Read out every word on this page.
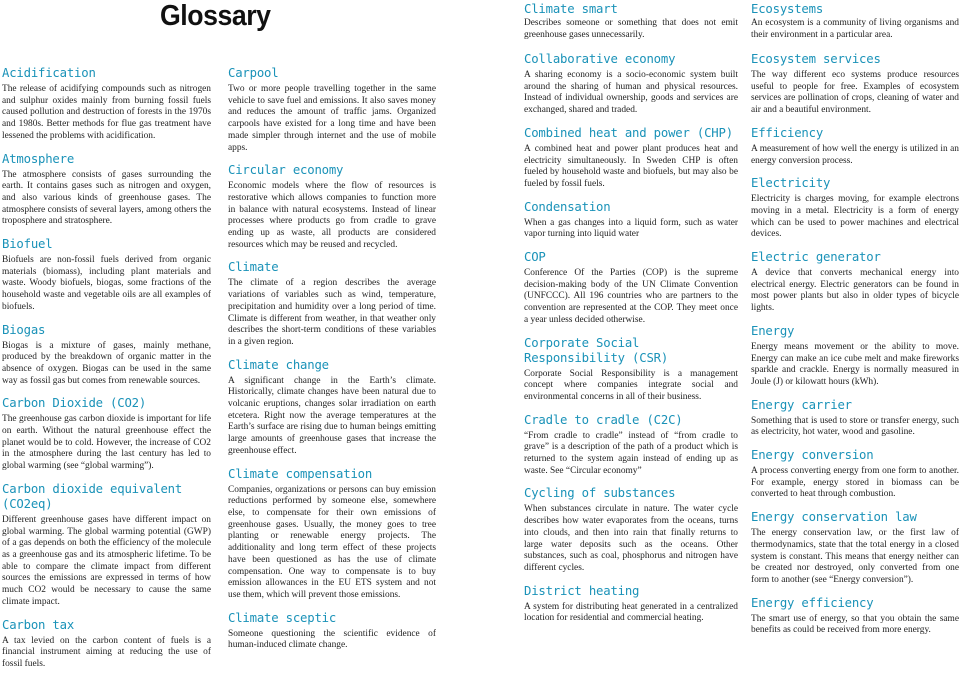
Glossary	Climate smart

Describes someone or something that does not emit greenhouse gases unnecessarily.

Ecosystems

An ecosystem is a community of living organisms and their environment in a particular area.

Acidification

The release of acidifying compounds such as nitrogen and sulphur oxides mainly from burning fossil fuels caused pollution and destruction of forests in the 1970s and 1980s. Better methods for flue gas treatment have lessened the problems with acidification.

Atmosphere

The atmosphere consists of gases surrounding the earth. It contains gases such as nitrogen and oxygen, and also various kinds of greenhouse gases. The atmosphere consists of several layers, among others the troposphere and stratosphere.

Biofuel

Biofuels are non-fossil fuels derived from organic materials (biomass), including plant materials and waste. Woody biofuels, biogas, some fractions of the household waste and vegetable oils are all examples of biofuels.

Biogas

Biogas is a mixture of gases, mainly methane, produced by the breakdown of organic matter in the absence of oxygen. Biogas can be used in the same way as fossil gas but comes from renewable sources.

Carbon Dioxide (CO2)

The greenhouse gas carbon dioxide is important for life on earth. Without the natural greenhouse effect the planet would be to cold. However, the increase of CO2 in the atmosphere during the last century has led to global warming (see “global warming”).

Carbon dioxide equivalent (CO2eq)

Different greenhouse gases have different impact on global warming. The global warming potential (GWP) of a gas depends on both the efficiency of the molecule as a greenhouse gas and its atmospheric lifetime. To be able to compare the climate impact from different sources the emissions are expressed in terms of how much CO2 would be necessary to cause the same climate impact.

Carbon tax

A tax levied on the carbon content of fuels is a financial instrument aiming at reducing the use of fossil fuels.

Carpool

Two or more people travelling together in the same vehicle to save fuel and emissions. It also saves money and reduces the amount of traffic jams. Organized carpools have existed for a long time and have been made simpler through internet and the use of mobile apps.

Circular economy

Economic models where the flow of resources is restorative which allows companies to function more in balance with natural ecosystems. Instead of linear processes where products go from cradle to grave ending up as waste, all products are considered resources which may be reused and recycled.

Climate

The climate of a region describes the average variations of variables such as wind, temperature, precipitation and humidity over a long period of time. Climate is different from weather, in that weather only describes the short-term conditions of these variables in a given region.

Climate change

A significant change in the Earth’s climate. Historically, climate changes have been natural due to volcanic eruptions, changes solar irradiation on earth etcetera. Right now the average temperatures at the Earth’s surface are rising due to human beings emitting large amounts of greenhouse gases that increase the greenhouse effect.

Climate compensation

Companies, organizations or persons can buy emission reductions performed by someone else, somewhere else, to compensate for their own emissions of greenhouse gases. Usually, the money goes to tree planting or renewable energy projects. The additionality and long term effect of these projects have been questioned as has the use of climate compensation. One way to compensate is to buy emission allowances in the EU ETS system and not use them, which will prevent those emissions.

Climate sceptic

Someone questioning the scientific evidence of human-induced climate change.

Collaborative economy

A sharing economy is a socio-economic system built around the sharing of human and physical resources. Instead of individual ownership, goods and services are exchanged, shared and traded.

Combined heat and power (CHP)

A combined heat and power plant produces heat and electricity simultaneously. In Sweden CHP is often fueled by household waste and biofuels, but may also be fueled by fossil fuels.

Condensation

When a gas changes into a liquid form, such as water vapor turning into liquid water

COP

Conference Of the Parties (COP) is the supreme decision-making body of the UN Climate Convention (UNFCCC). All 196 countries who are partners to the convention are represented at the COP. They meet once a year unless decided otherwise.

Corporate Social Responsibility (CSR)

Corporate Social Responsibility is a management concept where companies integrate social and environmental concerns in all of their business.

Cradle to cradle (C2C)

“From cradle to cradle” instead of “from cradle to grave” is a description of the path of a product which is returned to the system again instead of ending up as waste. See “Circular economy”

Cycling of substances

When substances circulate in nature. The water cycle describes how water evaporates from the oceans, turns into clouds, and then into rain that finally returns to large water deposits such as the oceans. Other substances, such as coal, phosphorus and nitrogen have different cycles.

District heating

A system for distributing heat generated in a centralized location for residential and commercial heating.

Ecosystem services

The way different eco systems produce resources useful to people for free. Examples of ecosystem services are pollination of crops, cleaning of water and air and a beautiful environment.

Efficiency

A measurement of how well the energy is utilized in an energy conversion process.

Electricity

Electricity is charges moving, for example electrons moving in a metal. Electricity is a form of energy which can be used to power machines and electrical devices.

Electric generator

A device that converts mechanical energy into electrical energy. Electric generators can be found in most power plants but also in older types of bicycle lights.

Energy

Energy means movement or the ability to move. Energy can make an ice cube melt and make fireworks sparkle and crackle. Energy is normally measured in Joule (J) or kilowatt hours (kWh).

Energy carrier

Something that is used to store or transfer energy, such as electricity, hot water, wood and gasoline.

Energy conversion

A process converting energy from one form to another. For example, energy stored in biomass can be converted to heat through combustion.

Energy conservation law

The energy conservation law, or the first law of thermodynamics, state that the total energy in a closed system is constant. This means that energy neither can be created nor destroyed, only converted from one form to another (see “Energy conversion”).

Energy efficiency

The smart use of energy, so that you obtain the same benefits as could be received from more energy.
